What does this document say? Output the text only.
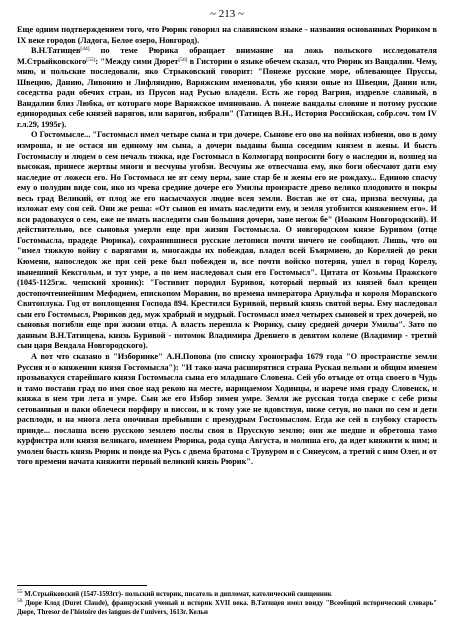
~ 213 ~

Еще одним подтверждением того, что Рюрик говорил на славянском языке - названия основанных Рюриком в IX веке городов (Ладога, Белое озеро, Новгород).

В.Н.Татищев[44] по теме Рюрика обращает внимание на ложь польского исследователя М.Стрыйковского[55]: "Между сими Дюрет[56] в Гистории о языке обечем сказал, что Рюрик из Вандалии. Чему, мню, и польские последовали, яко Стрыковский говорит: "Понеже русские море, облевающее Пруссы, Швецию, Данию, Ливонию и Лифляндию, Варяжским именовали, убо князи оные из Швеции, Дании или, соседства ради обечих стран, из Прусов над Русью владели. Есть же город Вагрия, издревле славный, в Вандалии близ Любка, от котораго море Варяжское имяновано. А понеже вандалы словяне и потому русские единородных себе князей варягов, или варягов, избрали" (Татищев В.Н., История Российская, собр.соч. том IV г.л.29, 1995г).

О Гостомысле... "Гостомысл имел четыре сына и три дочере. Сынове его ово на войнах избиени, ово в дому измроша, и не остася ни единому им сына, а дочери выданы быша соседним князем в жены. И бысть Гостомыслу и людем о сем печаль тяжка, иде Гостомысл в Колмогард вопросити богу о наследии и, возшед на высокая, принесе жертвы многи и весчуны угобзи. Весчуны же отвесчаша ему, яко боги обесчают дати ему наследие от ложесн его. Но Гостомысл не ят сему веры, зане стар бе и жены его не рождаху... Единою спасчу ему о полудни виде сон, яко из чрева средние дочере его Умилы произрасте древо велико плодовито и покры весь град Великий, от плод же его насысчахуся людие всея земли. Востав же от сна, призва весчуны, да изложат ему сон сей. Они же реша: «От сынов ея имать наследити ему, и земля угобзится княжением его». И вси радовахуся о сем, еже не имать наследити сын большия дочери, зане негож бе" (Иоаким Новгородский). И действительно, все сыновья умерли еще при жизни Гостомысла. О новгородском князе Буривом (отце Гостомысла, прадеде Рюрика), сохранившиеся русские летописи почти ничего не сообщают. Лишь, что он "имел тяжкую войну с варягами и, многажды их побеждая, владел всей Бъярмиею, до Кореляей до реки Кюмени, напоследок же при сей реке был побежден и, все почти войско потерян, ушел в город Корелу, нынешний Кексгольм, и тут умре, а по нем наследовал сын его Гостомысл". Цитата от Козьмы Пражского (1045-1125гж. чешский хроник): "Гостивит породил Буривоя, который первый из князей был крещен достопочтеннейшим Мефодием, епископом Моравии, во времена императора Арнульфа и короля Моравского Святоплука. Год от воплощения Господа 894. Крестился Буривой, первый князь святой веры. Ему наследовал сын его Гостомысл, Рюриков дед, муж храбрый и мудрый. Гостомысл имел четырех сыновей и трех дочерей, но сыновья погибли еще при жизни отца. А власть перешла к Рюрику, сыну средней дочери Умилы". Зато по данным В.Н.Татищева, князь Буривой - потомок Владимира Древнего в девятом колене (Владимир - третий сын царя Вендала Новгородского).

А вот что сказано в "Изборнике" А.Н.Попова (по списку хронографа 1679 года "О пространстве земли Руссия и о княжении князя Гостомысла"): "И тако нача расширятися страна Руская вельми и общим именем прозывахуся старейшаго князя Гостомысла сына его младшаго Словена. Сей убо отъиде от отца своего в Чудь и тамо постави град по имя свое над рекою на месте, нарицаемом Ходинцы, и нарече имя граду Словенск, и княжа в нем три лета и умре. Сын же его Избор зимен умре. Земля же русская тогда сверже с себе ризы сетованныя и паки облечеся порфиру и виссон, и к тому уже не вдовствуя, ниже сетуя, но паки по сем и дети расплоди, и на многа лета опочивая пребывши с премудрым Гостомыслом. Егда же сей в глубоку старость прииде... послаша всею русскою землею послы своя в Прусскую землю; они же шедше и обретоша тамо курфистра или князя великаго, имением Рюрика, рода суща Августа, и молиша его, да идет княжити к ним; и умолен бысть князь Рюрик и поиде на Русь с двема братома с Трувуром и с Синеусом, а третий с ним Олег, и от того времени начата княжити первый великий князь Рюрик".

$^{55}$ М.Стрыйковский (1547-1593гг)- польский историк, писатель и дипломат, католический священник

$^{56}$ Дюре Клод (Duret Claude), французский ученый и историк XVII века. В.Татищев имел ввиду "Всеобщий исторический словарь" Дюре, Thresor de l'histoire des langues de l'univers, 1613г. Кельн
